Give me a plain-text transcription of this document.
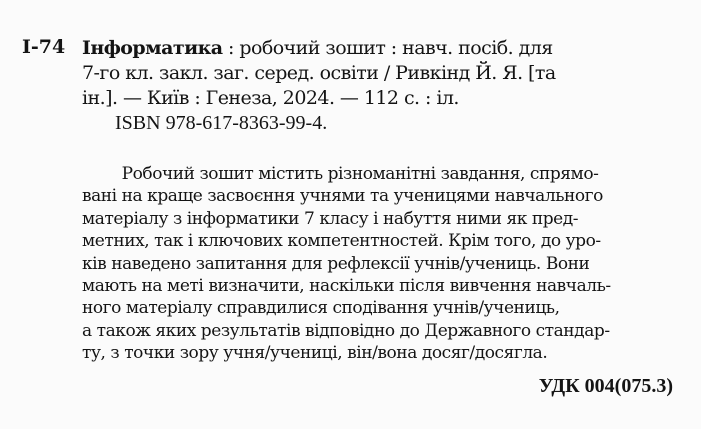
І-74 Інформатика : робочий зошит : навч. посіб. для
7-го кл. закл. заг. серед. освіти / Ривкінд Й. Я. [та
ін.]. — Київ : Генеза, 2024. — 112 с. : іл.
ISBN 978-617-8363-99-4.
Робочий зошит містить різноманітні завдання, спрямо-
вані на краще засвоєння учнями та ученицями навчального
матеріалу з інформатики 7 класу і набуття ними як пред-
метних, так і ключових компетентностей. Крім того, до уро-
ків наведено запитання для рефлексії учнів/учениць. Вони
мають на меті визначити, наскільки після вивчення навчаль-
ного матеріалу справдилися сподівання учнів/учениць,
а також яких результатів відповідно до Державного стандар-
ту, з точки зору учня/учениці, він/вона досяг/досягла.
УДК 004(075.3)
